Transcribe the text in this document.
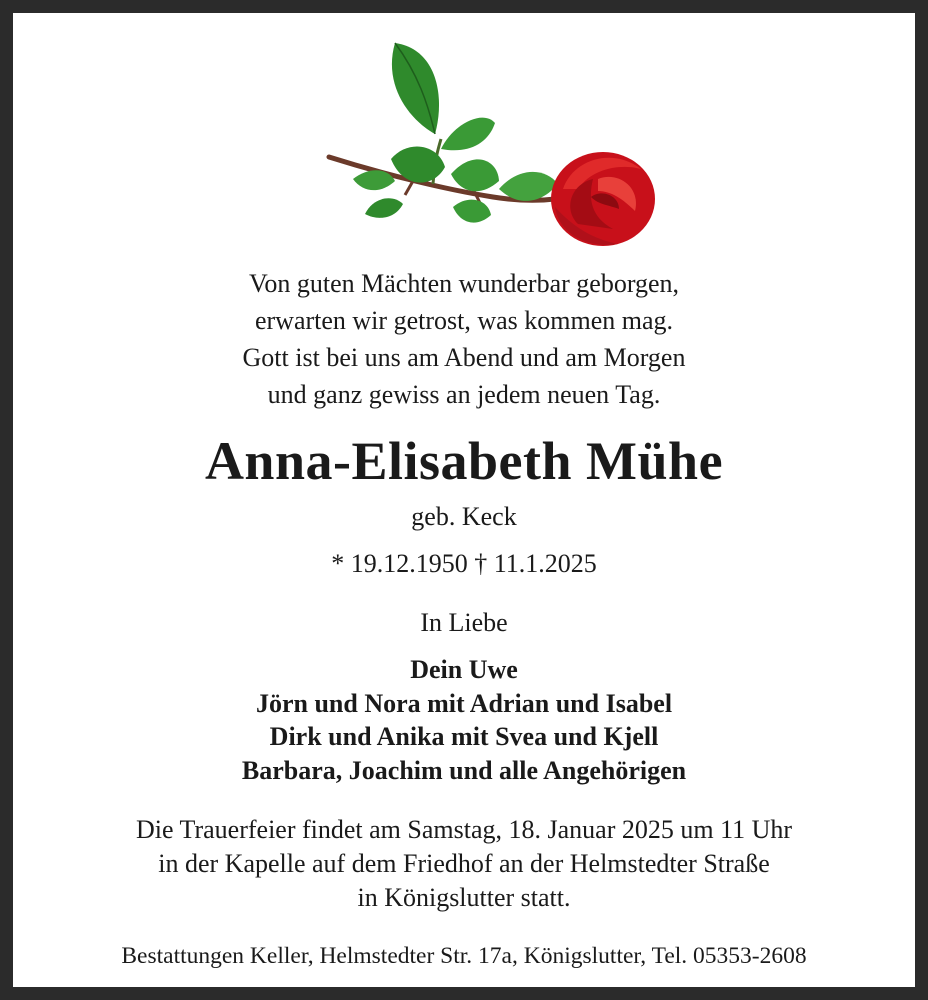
Von guten Mächten wunderbar geborgen,
erwarten wir getrost, was kommen mag.
Gott ist bei uns am Abend und am Morgen
und ganz gewiss an jedem neuen Tag.
Anna-Elisabeth Mühe
geb. Keck
* 19.12.1950 † 11.1.2025
In Liebe
Dein Uwe
Jörn und Nora mit Adrian und Isabel
Dirk und Anika mit Svea und Kjell
Barbara, Joachim und alle Angehörigen
Die Trauerfeier findet am Samstag, 18. Januar 2025 um 11 Uhr
in der Kapelle auf dem Friedhof an der Helmstedter Straße
in Königslutter statt.
Bestattungen Keller, Helmstedter Str. 17a, Königslutter, Tel. 05353-2608
